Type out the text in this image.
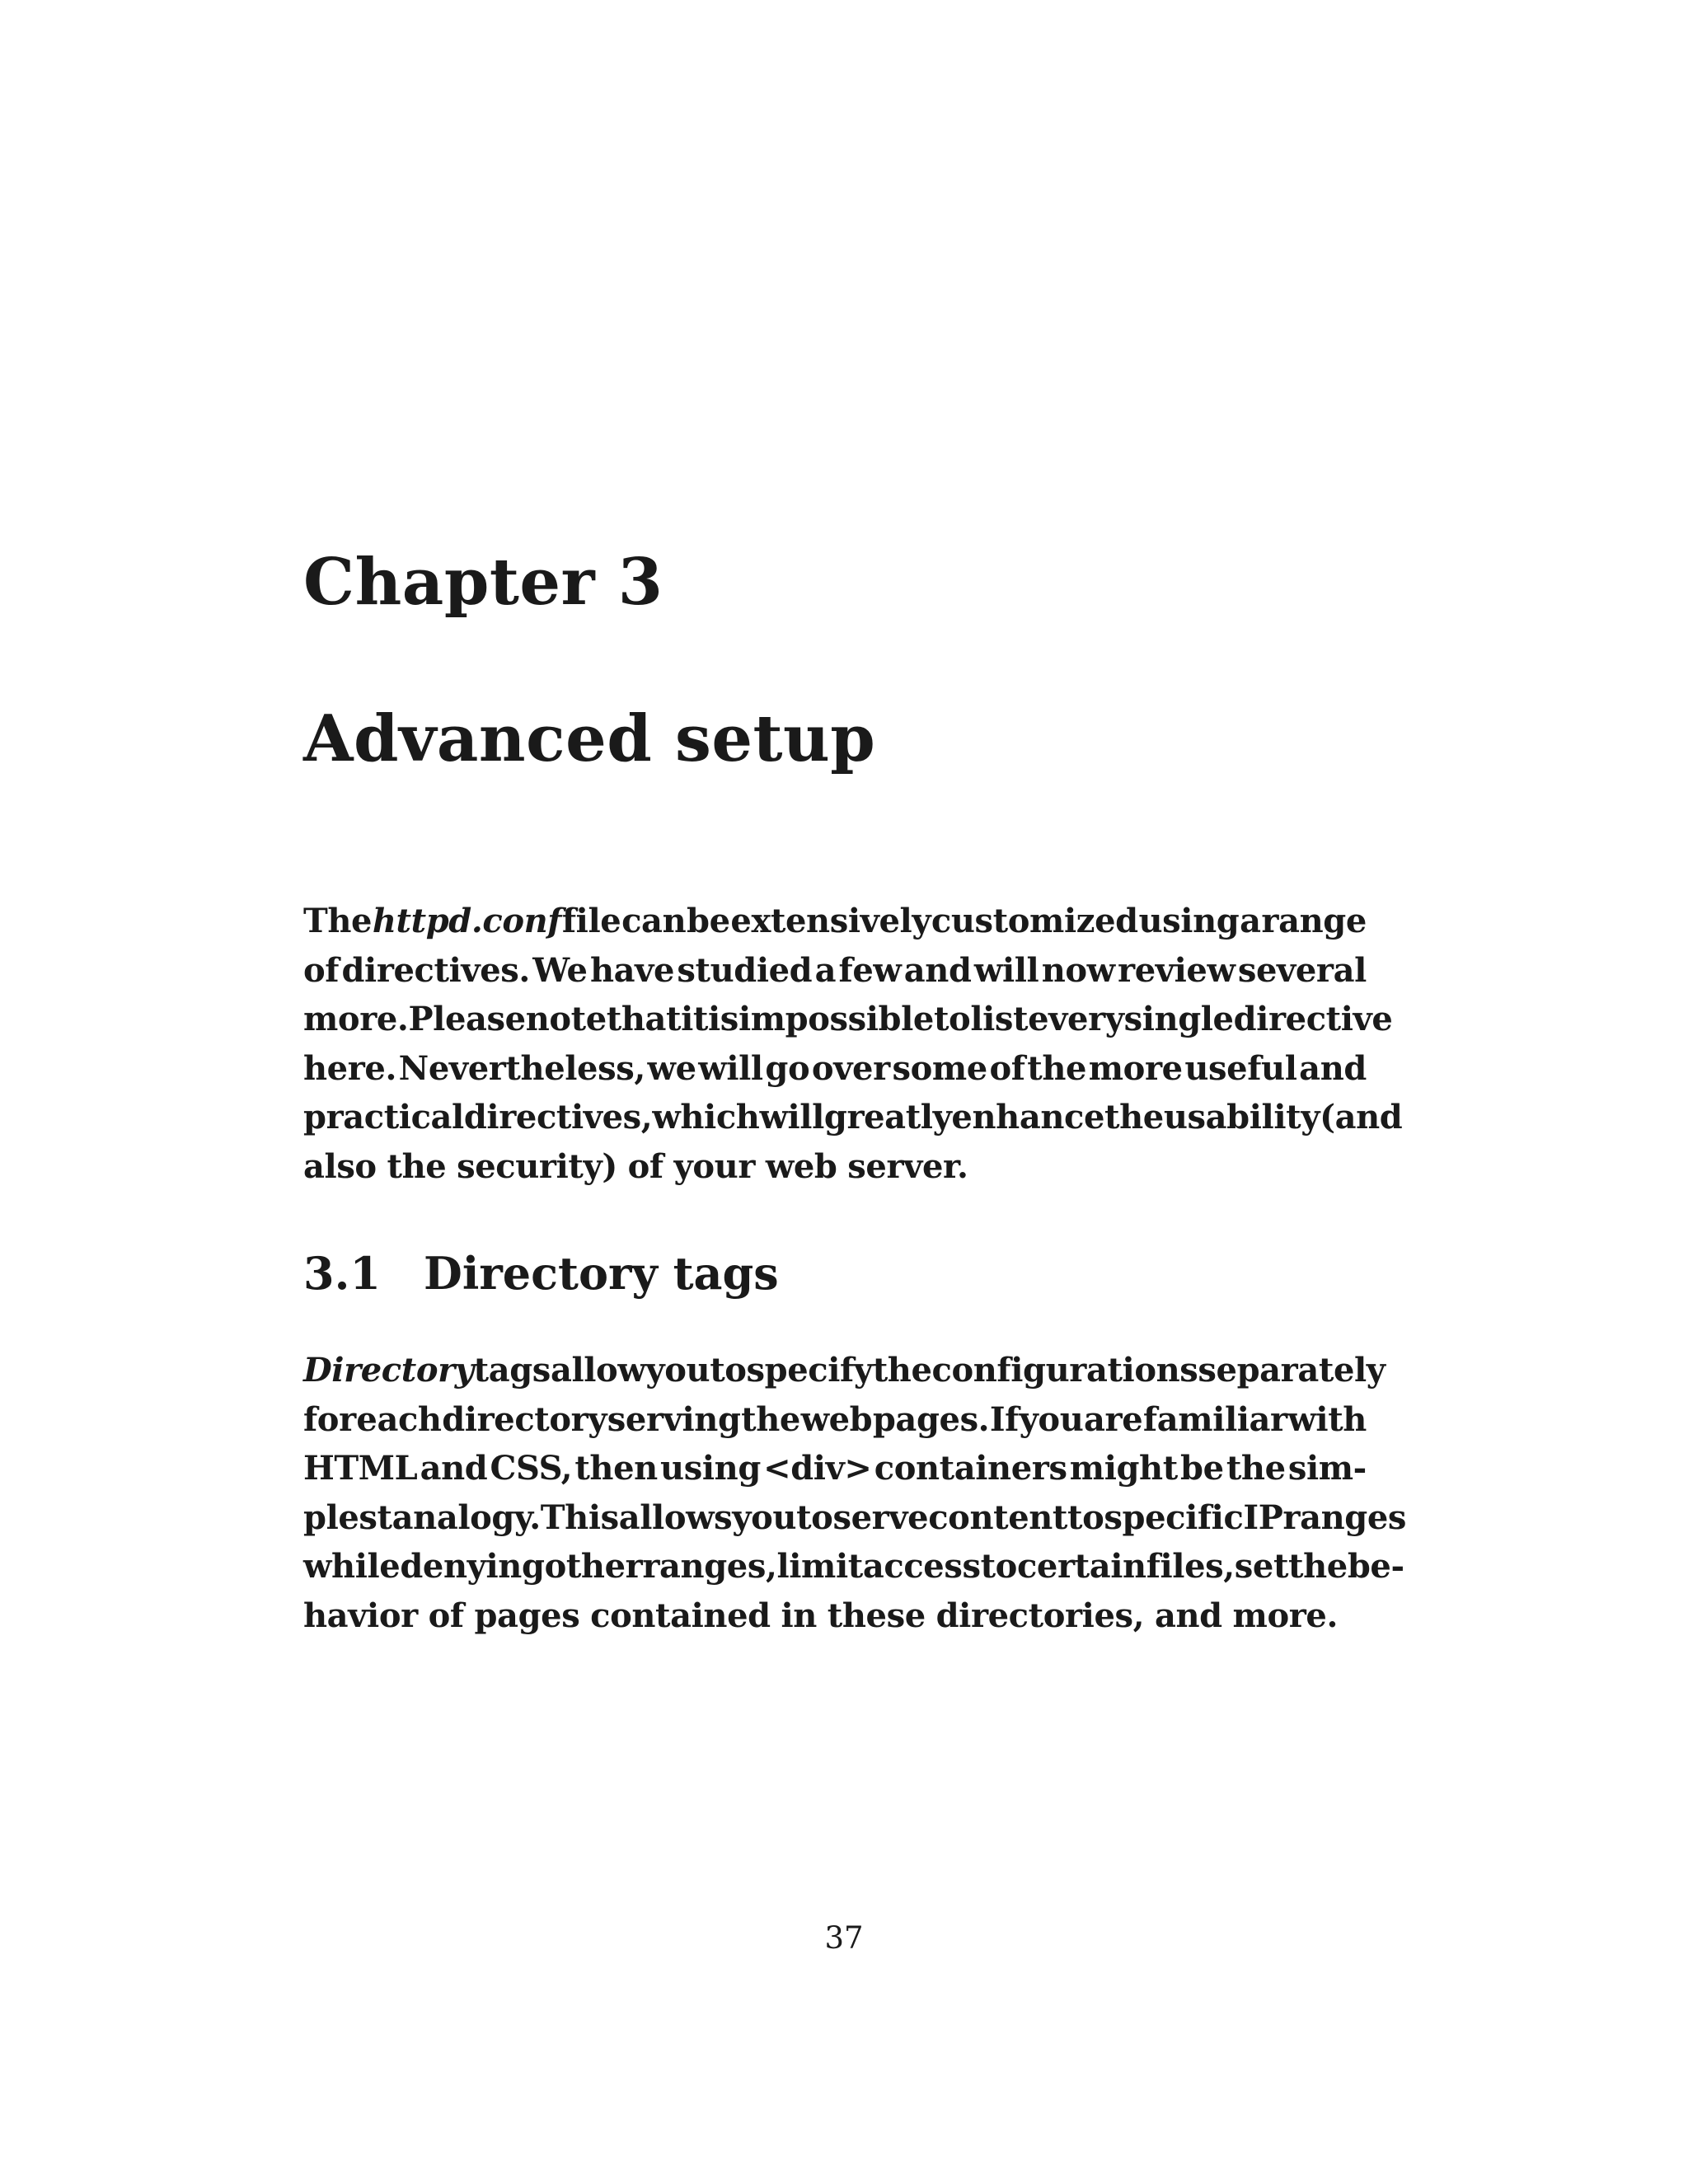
Chapter 3
Advanced setup
The httpd.conf file can be extensively customized using a range
of directives. We have studied a few and will now review several
more. Please note that it is impossible to list every single directive
here. Nevertheless, we will go over some of the more useful and
practical directives, which will greatly enhance the usability (and
also the security) of your web server.
3.1 Directory tags
Directory tags allow you to specify the configurations separately
for each directory serving the web pages. If you are familiar with
HTML and CSS, then using <div> containers might be the sim-
plest analogy. This allows you to serve content to specific IP ranges
while denying other ranges, limit access to certain files, set the be-
havior of pages contained in these directories, and more.

37
